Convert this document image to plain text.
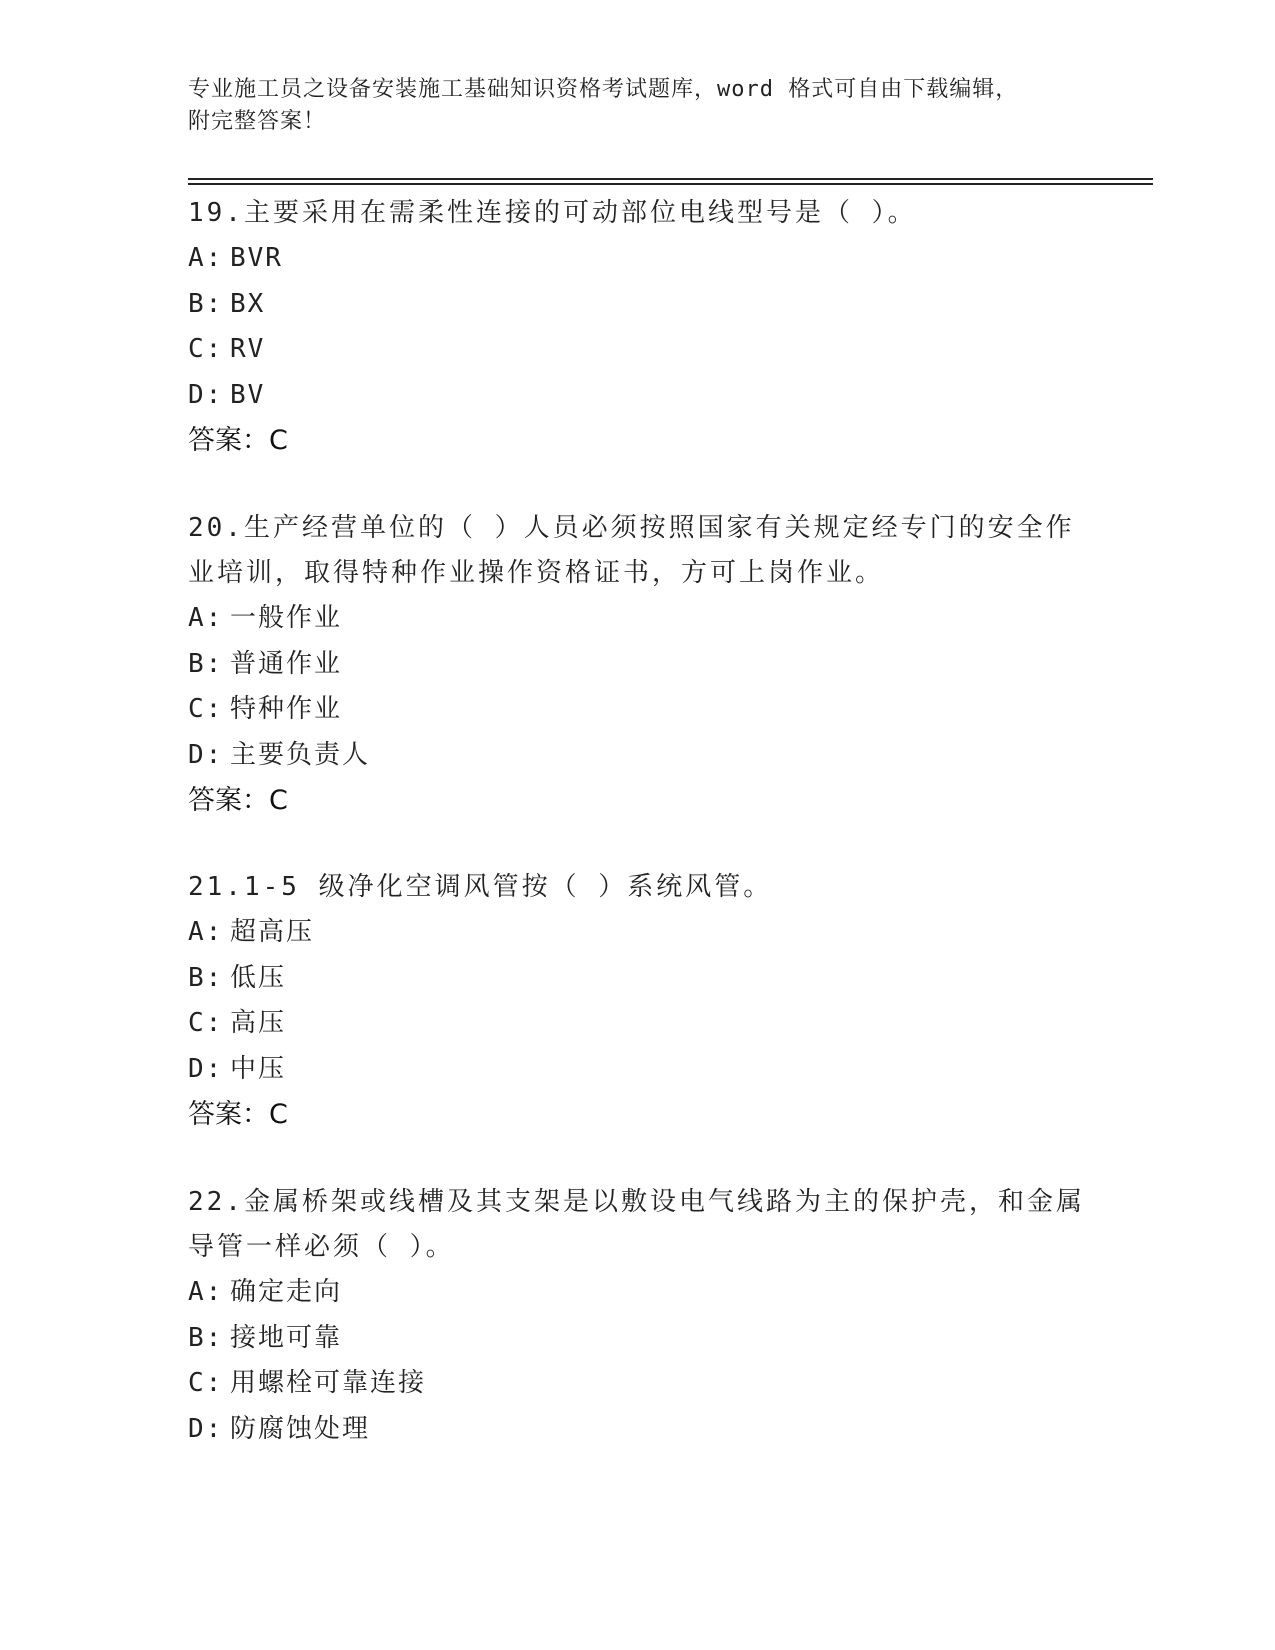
专业施工员之设备安装施工基础知识资格考试题库，word 格式可自由下载编辑，
附完整答案！
19.主要采用在需柔性连接的可动部位电线型号是（ ）。
A: BVR
B: BX
C: RV
D: BV
答案：C
20.生产经营单位的（ ）人员必须按照国家有关规定经专门的安全作
业培训，取得特种作业操作资格证书，方可上岗作业。
A: 一般作业
B: 普通作业
C: 特种作业
D: 主要负责人
答案：C
21.1-5 级净化空调风管按（ ）系统风管。
A: 超高压
B: 低压
C: 高压
D: 中压
答案：C
22.金属桥架或线槽及其支架是以敷设电气线路为主的保护壳，和金属
导管一样必须（ ）。
A: 确定走向
B: 接地可靠
C: 用螺栓可靠连接
D: 防腐蚀处理
